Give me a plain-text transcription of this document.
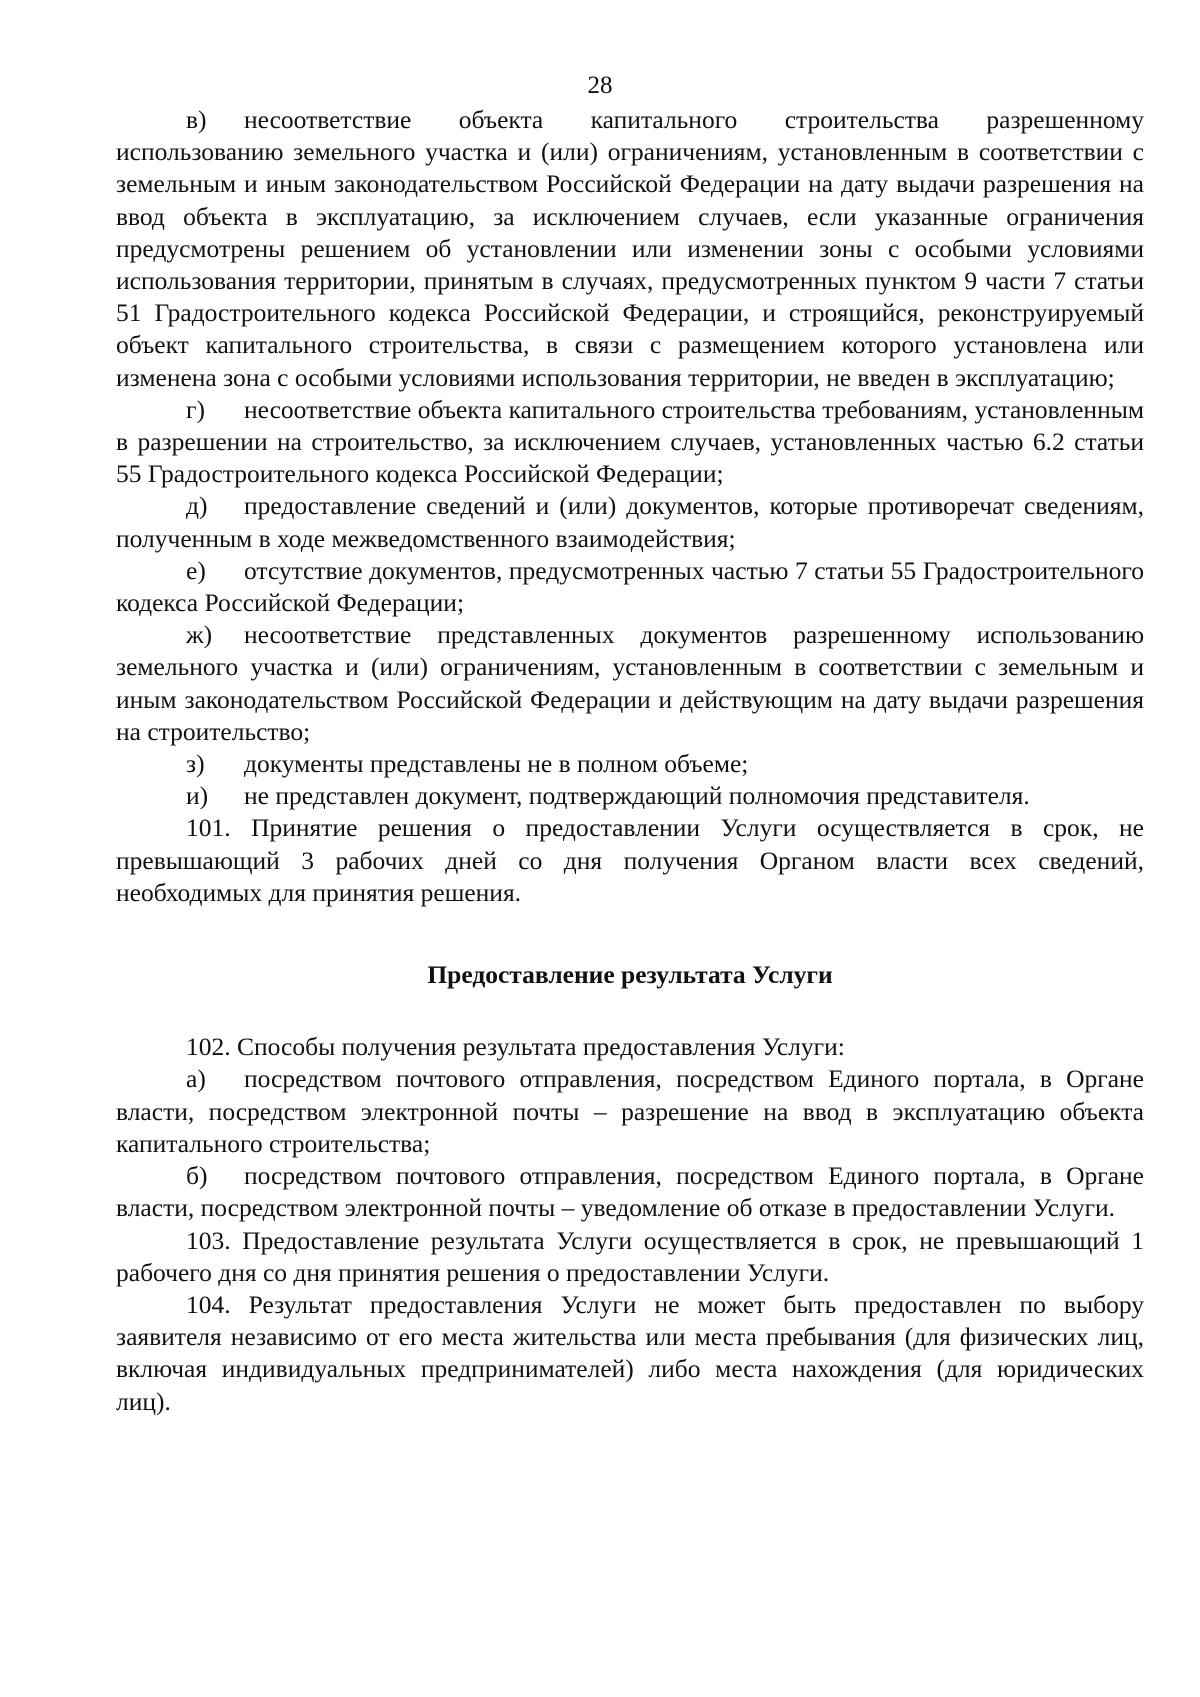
28

в) несоответствие объекта капитального строительства разрешенному использованию земельного участка и (или) ограничениям, установленным в соответствии с земельным и иным законодательством Российской Федерации на дату выдачи разрешения на ввод объекта в эксплуатацию, за исключением случаев, если указанные ограничения предусмотрены решением об установлении или изменении зоны с особыми условиями использования территории, принятым в случаях, предусмотренных пунктом 9 части 7 статьи 51 Градостроительного кодекса Российской Федерации, и строящийся, реконструируемый объект капитального строительства, в связи с размещением которого установлена или изменена зона с особыми условиями использования территории, не введен в эксплуатацию;

г) несоответствие объекта капитального строительства требованиям, установленным в разрешении на строительство, за исключением случаев, установленных частью 6.2 статьи 55 Градостроительного кодекса Российской Федерации;

д) предоставление сведений и (или) документов, которые противоречат сведениям, полученным в ходе межведомственного взаимодействия;

е) отсутствие документов, предусмотренных частью 7 статьи 55 Градостроительного кодекса Российской Федерации;

ж) несоответствие представленных документов разрешенному использованию земельного участка и (или) ограничениям, установленным в соответствии с земельным и иным законодательством Российской Федерации и действующим на дату выдачи разрешения на строительство;

з) документы представлены не в полном объеме;

и) не представлен документ, подтверждающий полномочия представителя.

101. Принятие решения о предоставлении Услуги осуществляется в срок, не превышающий 3 рабочих дней со дня получения Органом власти всех сведений, необходимых для принятия решения.

Предоставление результата Услуги

102. Способы получения результата предоставления Услуги:

а) посредством почтового отправления, посредством Единого портала, в Органе власти, посредством электронной почты – разрешение на ввод в эксплуатацию объекта капитального строительства;

б) посредством почтового отправления, посредством Единого портала, в Органе власти, посредством электронной почты – уведомление об отказе в предоставлении Услуги.

103. Предоставление результата Услуги осуществляется в срок, не превышающий 1 рабочего дня со дня принятия решения о предоставлении Услуги.

104. Результат предоставления Услуги не может быть предоставлен по выбору заявителя независимо от его места жительства или места пребывания (для физических лиц, включая индивидуальных предпринимателей) либо места нахождения (для юридических лиц).
